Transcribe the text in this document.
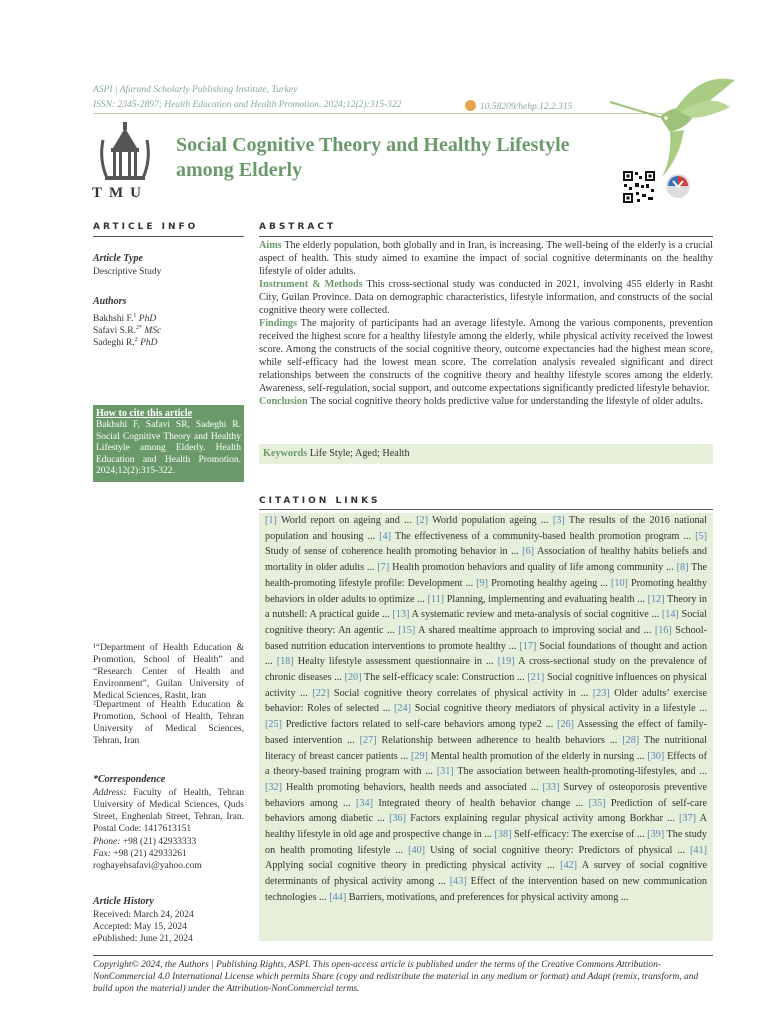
ASPI | Afarand Scholarly Publishing Institute, Turkey
ISSN: 2345-2897; Health Education and Health Promotion. 2024;12(2):315-322	10.58209/hehp.12.2.315
TMU
Social Cognitive Theory and Healthy Lifestyle among Elderly
ARTICLE INFO
Article Type
Descriptive Study
Authors
Bakhshi F.$^1$ PhD
Safavi S.R.$^{2*}$ MSc
Sadeghi R.$^2$ PhD
How to cite this article
Bakhshi F, Safavi SR, Sadeghi R. Social Cognitive Theory and Healthy Lifestyle among Elderly. Health Education and Health Promotion. 2024;12(2):315-322.
¹“Department of Health Education & Promotion, School of Health” and “Research Center of Health and Environment”, Guilan University of Medical Sciences, Rasht, Iran
²Department of Health Education & Promotion, School of Health, Tehran University of Medical Sciences, Tehran, Iran
*Correspondence
Address: Faculty of Health, Tehran University of Medical Sciences, Quds Street, Enghenlab Street, Tehran, Iran. Postal Code: 1417613151
Phone: +98 (21) 42933333
Fax: +98 (21) 42933261
roghayehsafavi@yahoo.com
Article History
Received: March 24, 2024
Accepted: May 15, 2024
ePublished: June 21, 2024
ABSTRACT

Aims The elderly population, both globally and in Iran, is increasing. The well-being of the elderly is a crucial aspect of health. This study aimed to examine the impact of social cognitive determinants on the healthy lifestyle of older adults.

Instrument & Methods This cross-sectional study was conducted in 2021, involving 455 elderly in Rasht City, Guilan Province. Data on demographic characteristics, lifestyle information, and constructs of the social cognitive theory were collected.

Findings The majority of participants had an average lifestyle. Among the various components, prevention received the highest score for a healthy lifestyle among the elderly, while physical activity received the lowest score. Among the constructs of the social cognitive theory, outcome expectancies had the highest mean score, while self-efficacy had the lowest mean score. The correlation analysis revealed significant and direct relationships between the constructs of the cognitive theory and healthy lifestyle scores among the elderly. Awareness, self-regulation, social support, and outcome expectations significantly predicted lifestyle behavior.

Conclusion The social cognitive theory holds predictive value for understanding the lifestyle of older adults.

Keywords Life Style; Aged; Health
CITATION LINKS

[1] World report on ageing and ... [2] World population ageing ... [3] The results of the 2016 national population and housing ... [4] The effectiveness of a community-based health promotion program ... [5] Study of sense of coherence health promoting behavior in ... [6] Association of healthy habits beliefs and mortality in older adults ... [7] Health promotion behaviors and quality of life among community ... [8] The health-promoting lifestyle profile: Development ... [9] Promoting healthy ageing ... [10] Promoting healthy behaviors in older adults to optimize ... [11] Planning, implementing and evaluating health ... [12] Theory in a nutshell: A practical guide ... [13] A systematic review and meta-analysis of social cognitive ... [14] Social cognitive theory: An agentic ... [15] A shared mealtime approach to improving social and ... [16] School-based nutrition education interventions to promote healthy ... [17] Social foundations of thought and action ... [18] Healty lifestyle assessment questionnaire in ... [19] A cross-sectional study on the prevalence of chronic diseases ... [20] The self-efficacy scale: Construction ... [21] Social cognitive influences on physical activity ... [22] Social cognitive theory correlates of physical activity in ... [23] Older adults’ exercise behavior: Roles of selected ... [24] Social cognitive theory mediators of physical activity in a lifestyle ... [25] Predictive factors related to self-care behaviors among type2 ... [26] Assessing the effect of family-based intervention ... [27] Relationship between adherence to health behaviors ... [28] The nutritional literacy of breast cancer patients ... [29] Mental health promotion of the elderly in nursing ... [30] Effects of a theory-based training program with ... [31] The association between health-promoting-lifestyles, and ... [32] Health promoting behaviors, health needs and associated ... [33] Survey of osteoporosis preventive behaviors among ... [34] Integrated theory of health behavior change ... [35] Prediction of self-care behaviors among diabetic ... [36] Factors explaining regular physical activity among Borkhar ... [37] A healthy lifestyle in old age and prospective change in ... [38] Self-efficacy: The exercise of ... [39] The study on health promoting lifestyle ... [40] Using of social cognitive theory: Predictors of physical ... [41] Applying social cognitive theory in predicting physical activity ... [42] A survey of social cognitive determinants of physical activity among ... [43] Effect of the intervention based on new communication technologies ... [44] Barriers, motivations, and preferences for physical activity among ...

Copyright© 2024, the Authors | Publishing Rights, ASPI. This open-access article is published under the terms of the Creative Commons Attribution-NonCommercial 4.0 International License which permits Share (copy and redistribute the material in any medium or format) and Adapt (remix, transform, and build upon the material) under the Attribution-NonCommercial terms.
